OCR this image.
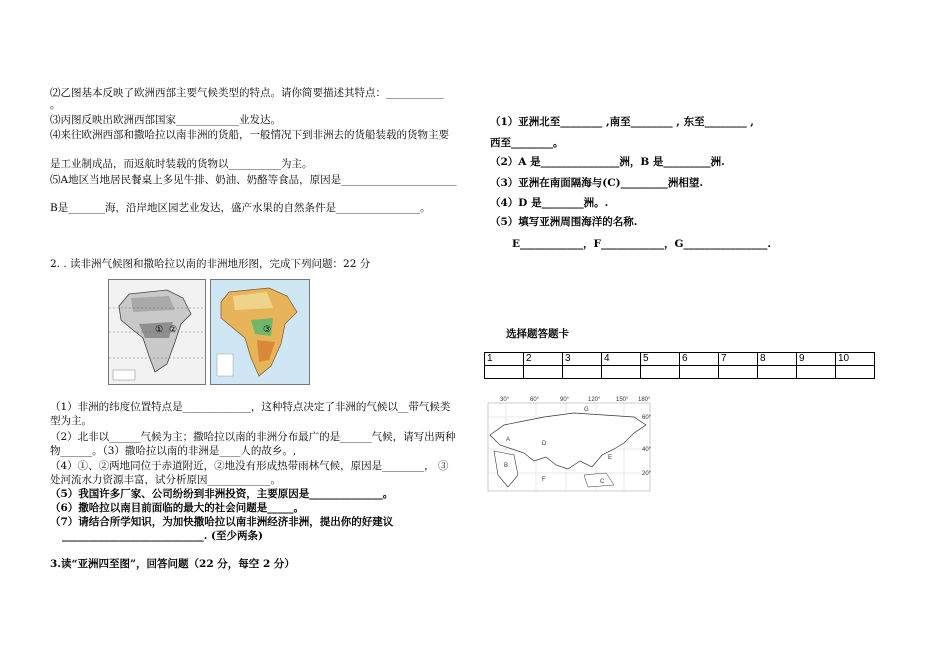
⑵乙图基本反映了欧洲西部主要气候类型的特点。请你简要描述其特点：___________
。
⑶丙图反映出欧洲西部国家____________业发达。
⑷来往欧洲西部和撒哈拉以南非洲的货船，一般情况下到非洲去的货船装载的货物主要
是工业制成品，而返航时装载的货物以__________为主。
⑸A地区当地居民餐桌上多见牛排、奶油、奶酪等食品，原因是______________________
B是_______海，沿岸地区园艺业发达，盛产水果的自然条件是________________。
2. . 读非洲气候图和撒哈拉以南的非洲地形图，完成下列问题：22 分
① ②	③
（1）非洲的纬度位置特点是_____________，这种特点决定了非洲的气候以__带气候类
型为主。
（2）北非以______气候为主；撒哈拉以南的非洲分布最广的是______气候，请写出两种
物______。（3）撒哈拉以南的非洲是____人的故乡。,
（4）①、②两地同位于赤道附近，②地没有形成热带雨林气候，原因是________， ③
处河流水力资源丰富，试分析原因____________。
（5）我国许多厂家、公司纷纷到非洲投资，主要原因是______________。
（6）撒哈拉以南目前面临的最大的社会问题是_____。
（7）请结合所学知识，为加快撒哈拉以南非洲经济非洲，提出你的好建议
___________________________. (至少两条)
3.读“亚洲四至图”，回答问题（22 分，每空 2 分）
（1）亚洲北至________ ,南至________ , 东至________ ,
西至________。
（2）A 是_______________洲，B 是_________洲.
（3）亚洲在南面隔海与(C)_________洲相望.
（4）D 是________洲。.
（5）填写亚洲周围海洋的名称.
E____________，F____________，G________________.
选择题答题卡
1	2	3	4	5	6	7	8	9	10

30°	60°	90°	120°	150° 180°
60°
40°
20°
A
B
C
D
E
F
G
